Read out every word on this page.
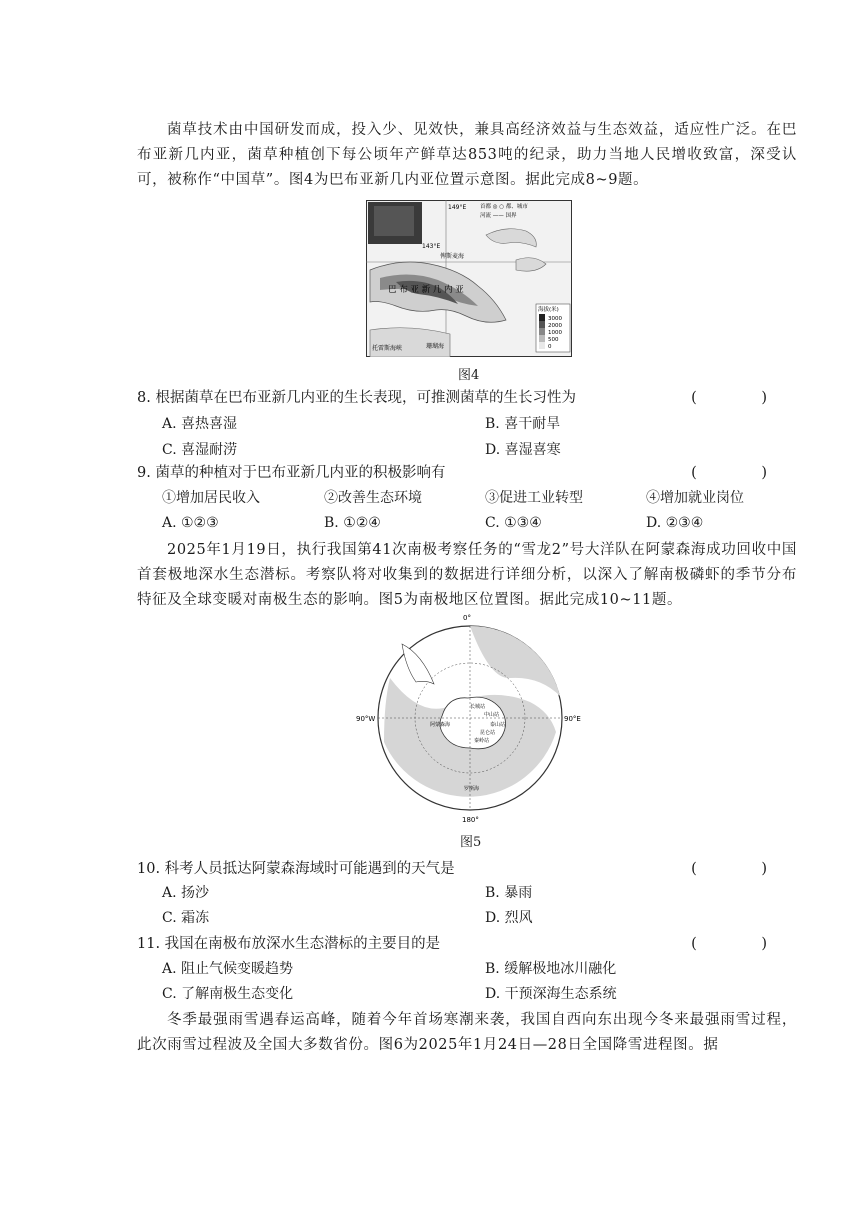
菌草技术由中国研发而成，投入少、见效快，兼具高经济效益与生态效益，适应性广泛。在巴布亚新几内亚，菌草种植创下每公顷年产鲜草达853吨的纪录，助力当地人民增收致富，深受认可，被称作“中国草”。图4为巴布亚新几内亚位置示意图。据此完成8~9题。
149°E
143°E
首都 ◎ ○ 都、城市
河流 —— 国界
俾斯麦海
巴 布 亚 新 几 内 亚
托雷斯海峡	珊瑚海
海拔(米)
3000
2000
1000
500
0
图4
8. 根据菌草在巴布亚新几内亚的生长表现，可推测菌草的生长习性为	( )
A. 喜热喜湿	B. 喜干耐旱
C. 喜湿耐涝	D. 喜湿喜寒
9. 菌草的种植对于巴布亚新几内亚的积极影响有	( )
①增加居民收入	②改善生态环境	③促进工业转型	④增加就业岗位
A. ①②③	B. ①②④	C. ①③④	D. ②③④
2025年1月19日，执行我国第41次南极考察任务的“雪龙2”号大洋队在阿蒙森海成功回收中国首套极地深水生态潜标。考察队将对收集到的数据进行详细分析，以深入了解南极磷虾的季节分布特征及全球变暖对南极生态的影响。图5为南极地区位置图。据此完成10~11题。
0°
180°
90°W	90°E
长城站
中山站
阿蒙森海	泰山站
昆仑站
秦岭站
罗斯海
图5
10. 科考人员抵达阿蒙森海域时可能遇到的天气是	( )
A. 扬沙	B. 暴雨
C. 霜冻	D. 烈风
11. 我国在南极布放深水生态潜标的主要目的是	( )
A. 阻止气候变暖趋势	B. 缓解极地冰川融化
C. 了解南极生态变化	D. 干预深海生态系统
冬季最强雨雪遇春运高峰，随着今年首场寒潮来袭，我国自西向东出现今冬来最强雨雪过程，此次雨雪过程波及全国大多数省份。图6为2025年1月24日—28日全国降雪进程图。据
